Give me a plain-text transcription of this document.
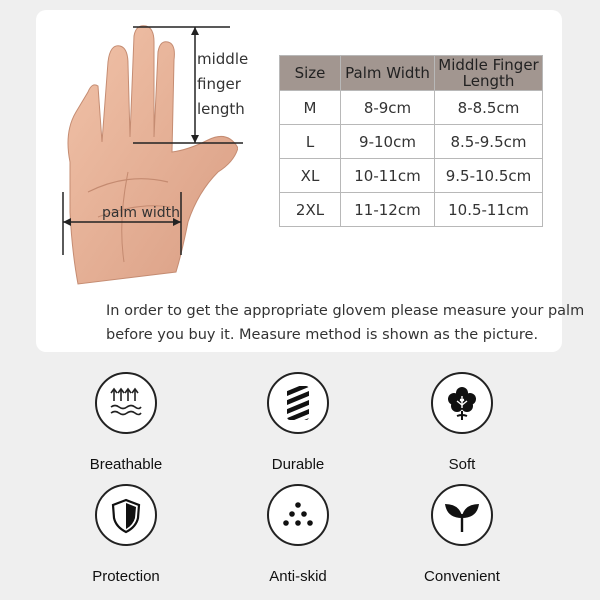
middle
finger
length
palm width
Size	Palm Width	Middle Finger Length
M	8-9cm	8-8.5cm
L	9-10cm	8.5-9.5cm
XL	10-11cm	9.5-10.5cm
2XL	11-12cm	10.5-11cm
In order to get the appropriate glovem please measure your palm
before you buy it. Measure method is shown as the picture.
Breathable	Durable	Soft
Protection	Anti-skid	Convenient
